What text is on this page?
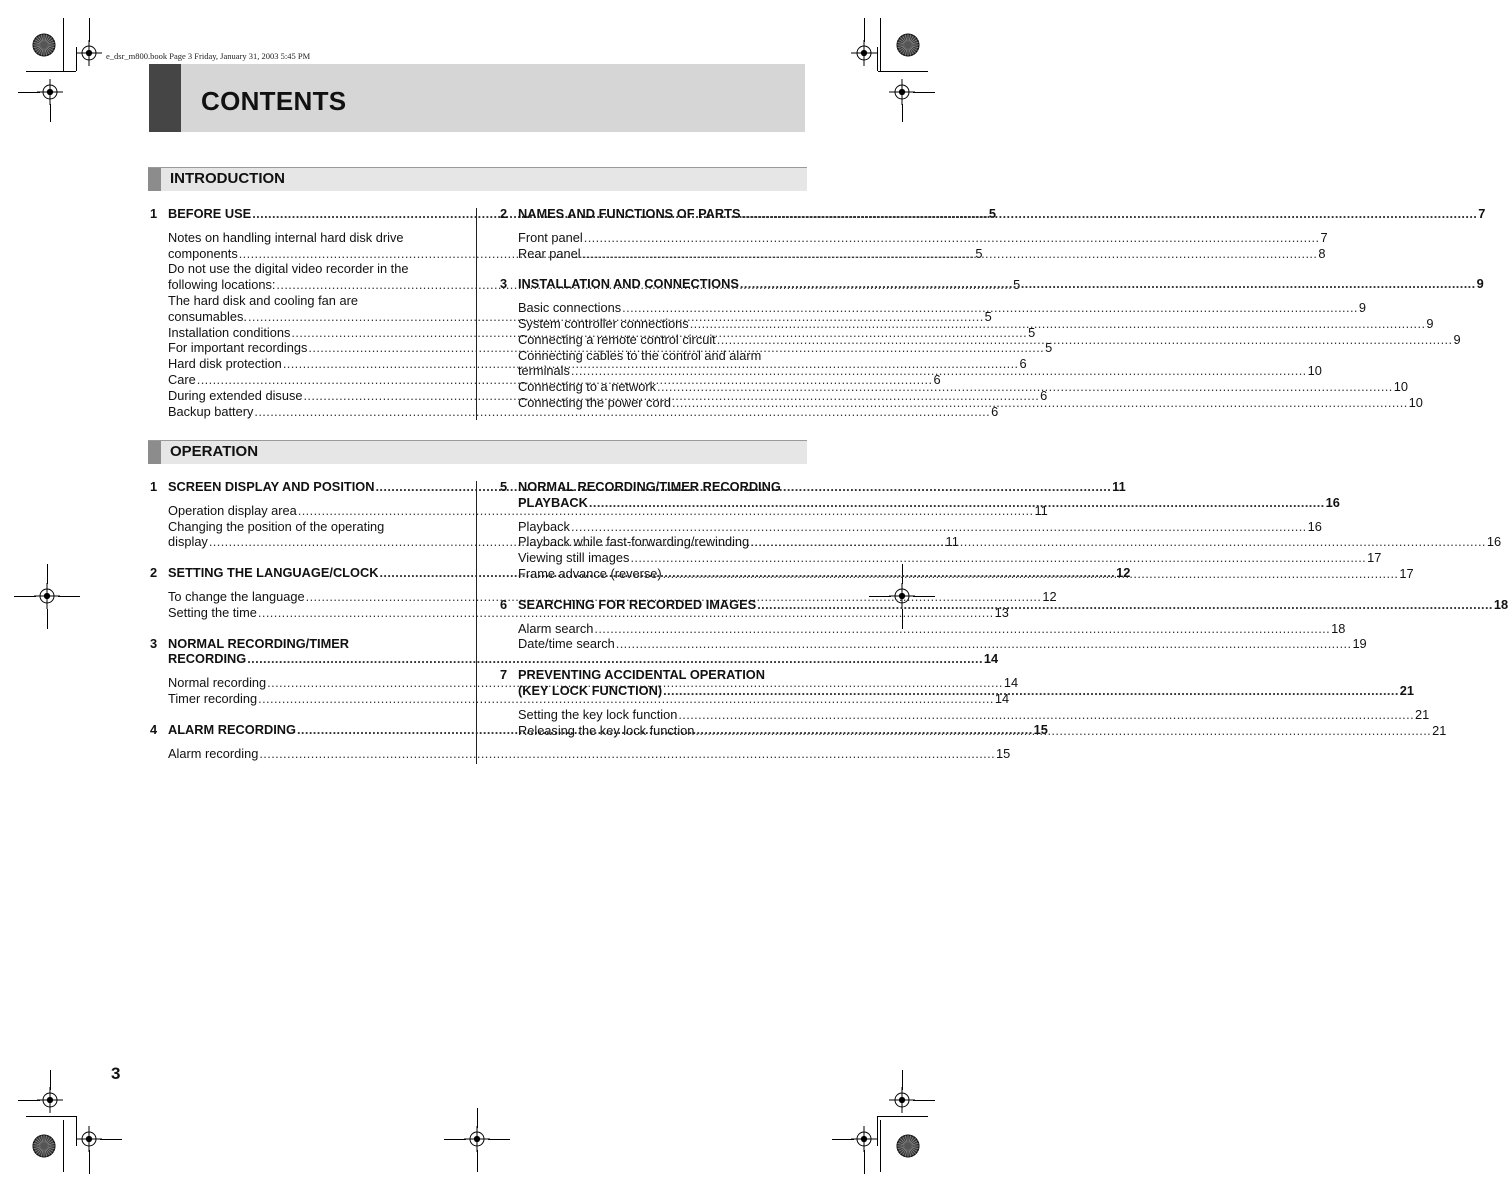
e_dsr_m800.book Page 3 Friday, January 31, 2003 5:45 PM
CONTENTS
INTRODUCTION
1 BEFORE USE .....	5
Notes on handling internal hard disk drive
components .....	5
Do not use the digital video recorder in the
following locations: .....	5
The hard disk and cooling fan are
consumables. .....	5
Installation conditions .....	5
For important recordings .....	5
Hard disk protection .....	6
Care .....	6
During extended disuse .....	6
Backup battery .....	6
2 NAMES AND FUNCTIONS OF PARTS .....	7
Front panel .....	7
Rear panel .....	8
3 INSTALLATION AND CONNECTIONS .....	9
Basic connections .....	9
System controller connections .....	9
Connecting a remote control circuit .....	9
Connecting cables to the control and alarm
terminals .....	10
Connecting to a network .....	10
Connecting the power cord .....	10
OPERATION
1 SCREEN DISPLAY AND POSITION .....	11
Operation display area .....	11
Changing the position of the operating
display .....	11
2 SETTING THE LANGUAGE/CLOCK .....	12
To change the language .....	12
Setting the time .....	13
3 NORMAL RECORDING/TIMER
RECORDING .....	14
Normal recording .....	14
Timer recording .....	14
4 ALARM RECORDING .....	15
Alarm recording .....	15
5 NORMAL RECORDING/TIMER RECORDING
PLAYBACK .....	16
Playback .....	16
Playback while fast-forwarding/rewinding .....	16
Viewing still images .....	17
Frame advance (reverse) .....	17
6 SEARCHING FOR RECORDED IMAGES .....	18
Alarm search .....	18
Date/time search .....	19
7 PREVENTING ACCIDENTAL OPERATION
(KEY LOCK FUNCTION) .....	21
Setting the key lock function .....	21
Releasing the key lock function .....	21
3
